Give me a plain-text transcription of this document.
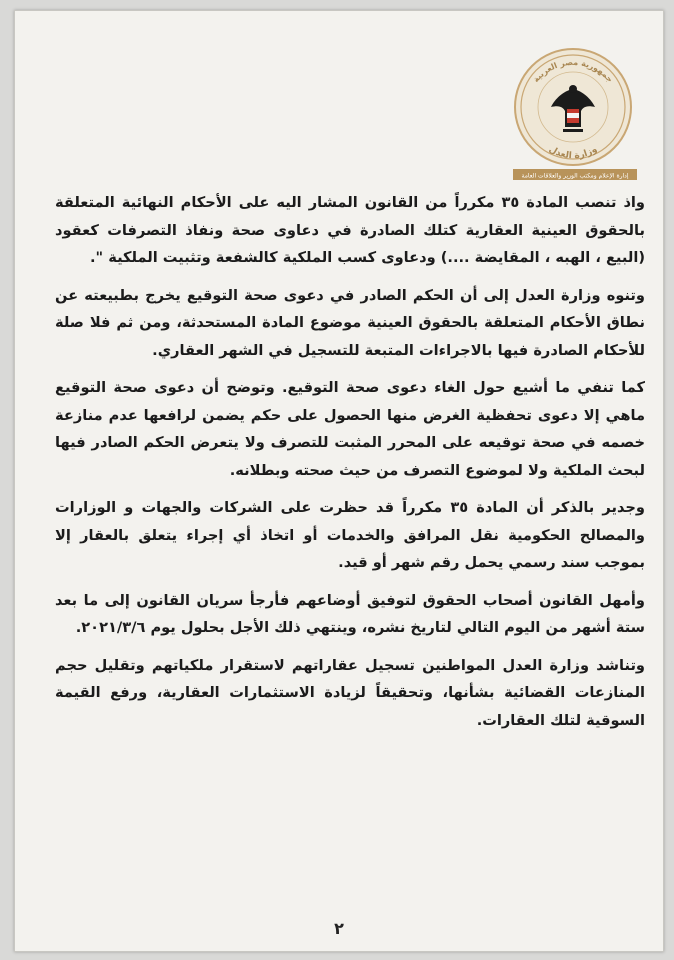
جمهورية مصر العربية
وزارة العدل
إدارة الإعلام ومكتب الوزير والعلاقات العامة

واذ تنصب المادة ٣٥ مكرراً من القانون المشار اليه على الأحكام النهائية المتعلقة بالحقوق العينية العقارية كتلك الصادرة في دعاوى صحة ونفاذ التصرفات كعقود (البيع ، الهبه ، المقايضة ....) ودعاوى كسب الملكية كالشفعة وتثبيت الملكية ".

وتنوه وزارة العدل إلى أن الحكم الصادر في دعوى صحة التوقيع يخرج بطبيعته عن نطاق الأحكام المتعلقة بالحقوق العينية موضوع المادة المستحدثة، ومن ثم فلا صلة للأحكام الصادرة فيها بالاجراءات المتبعة للتسجيل في الشهر العقاري.

كما تنفي ما أشيع حول الغاء دعوى صحة التوقيع. وتوضح أن دعوى صحة التوقيع ماهي إلا دعوى تحفظية الغرض منها الحصول على حكم يضمن لرافعها عدم منازعة خصمه في صحة توقيعه على المحرر المثبت للتصرف ولا يتعرض الحكم الصادر فيها لبحث الملكية ولا لموضوع التصرف من حيث صحته وبطلانه.

وجدير بالذكر أن المادة ٣٥ مكرراً قد حظرت على الشركات والجهات و الوزارات والمصالح الحكومية نقل المرافق والخدمات أو اتخاذ أي إجراء يتعلق بالعقار إلا بموجب سند رسمي يحمل رقم شهر أو قيد.

وأمهل القانون أصحاب الحقوق لتوفيق أوضاعهم فأرجأ سريان القانون إلى ما بعد ستة أشهر من اليوم التالي لتاريخ نشره، وينتهي ذلك الأجل بحلول يوم ٢٠٢١/٣/٦.

وتناشد وزارة العدل المواطنين تسجيل عقاراتهم لاستقرار ملكياتهم وتقليل حجم المنازعات القضائية بشأنها، وتحقيقاً لزيادة الاستثمارات العقارية، ورفع القيمة السوقية لتلك العقارات.

٢
